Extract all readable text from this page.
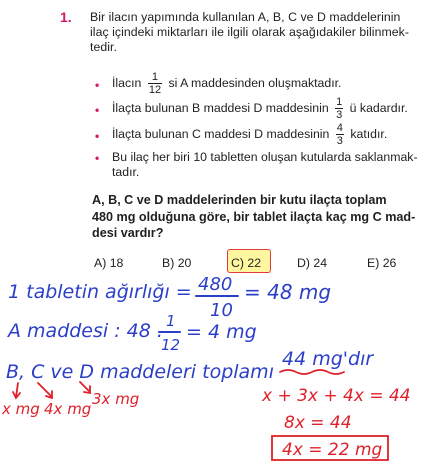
1. Bir ilacın yapımında kullanılan A, B, C ve D maddelerinin
ilaç içindeki miktarları ile ilgili olarak aşağıdakiler bilinmek-
tedir.
• İlacın $\frac{1}{12}$ si A maddesinden oluşmaktadır.
• İlaçta bulunan B maddesi D maddesinin $\frac{1}{3}$ ü kadardır.
• İlaçta bulunan C maddesi D maddesinin $\frac{4}{3}$ katıdır.
• Bu ilaç her biri 10 tabletten oluşan kutularda saklanmak-
tadır.
A, B, C ve D maddelerinden bir kutu ilaçta toplam
480 mg olduğuna göre, bir tablet ilaçta kaç mg C mad-
desi vardır?
A) 18	B) 20	C) 22	D) 24	E) 26
1 tabletin ağırlığı = 480
10
= 48 mg
A maddesi : 48 . 1
12
= 4 mg
B, C ve D maddeleri toplamı
44 mg'dır
x mg 4x mg
3x mg	x + 3x + 4x = 44
8x = 44
4x = 22 mg
